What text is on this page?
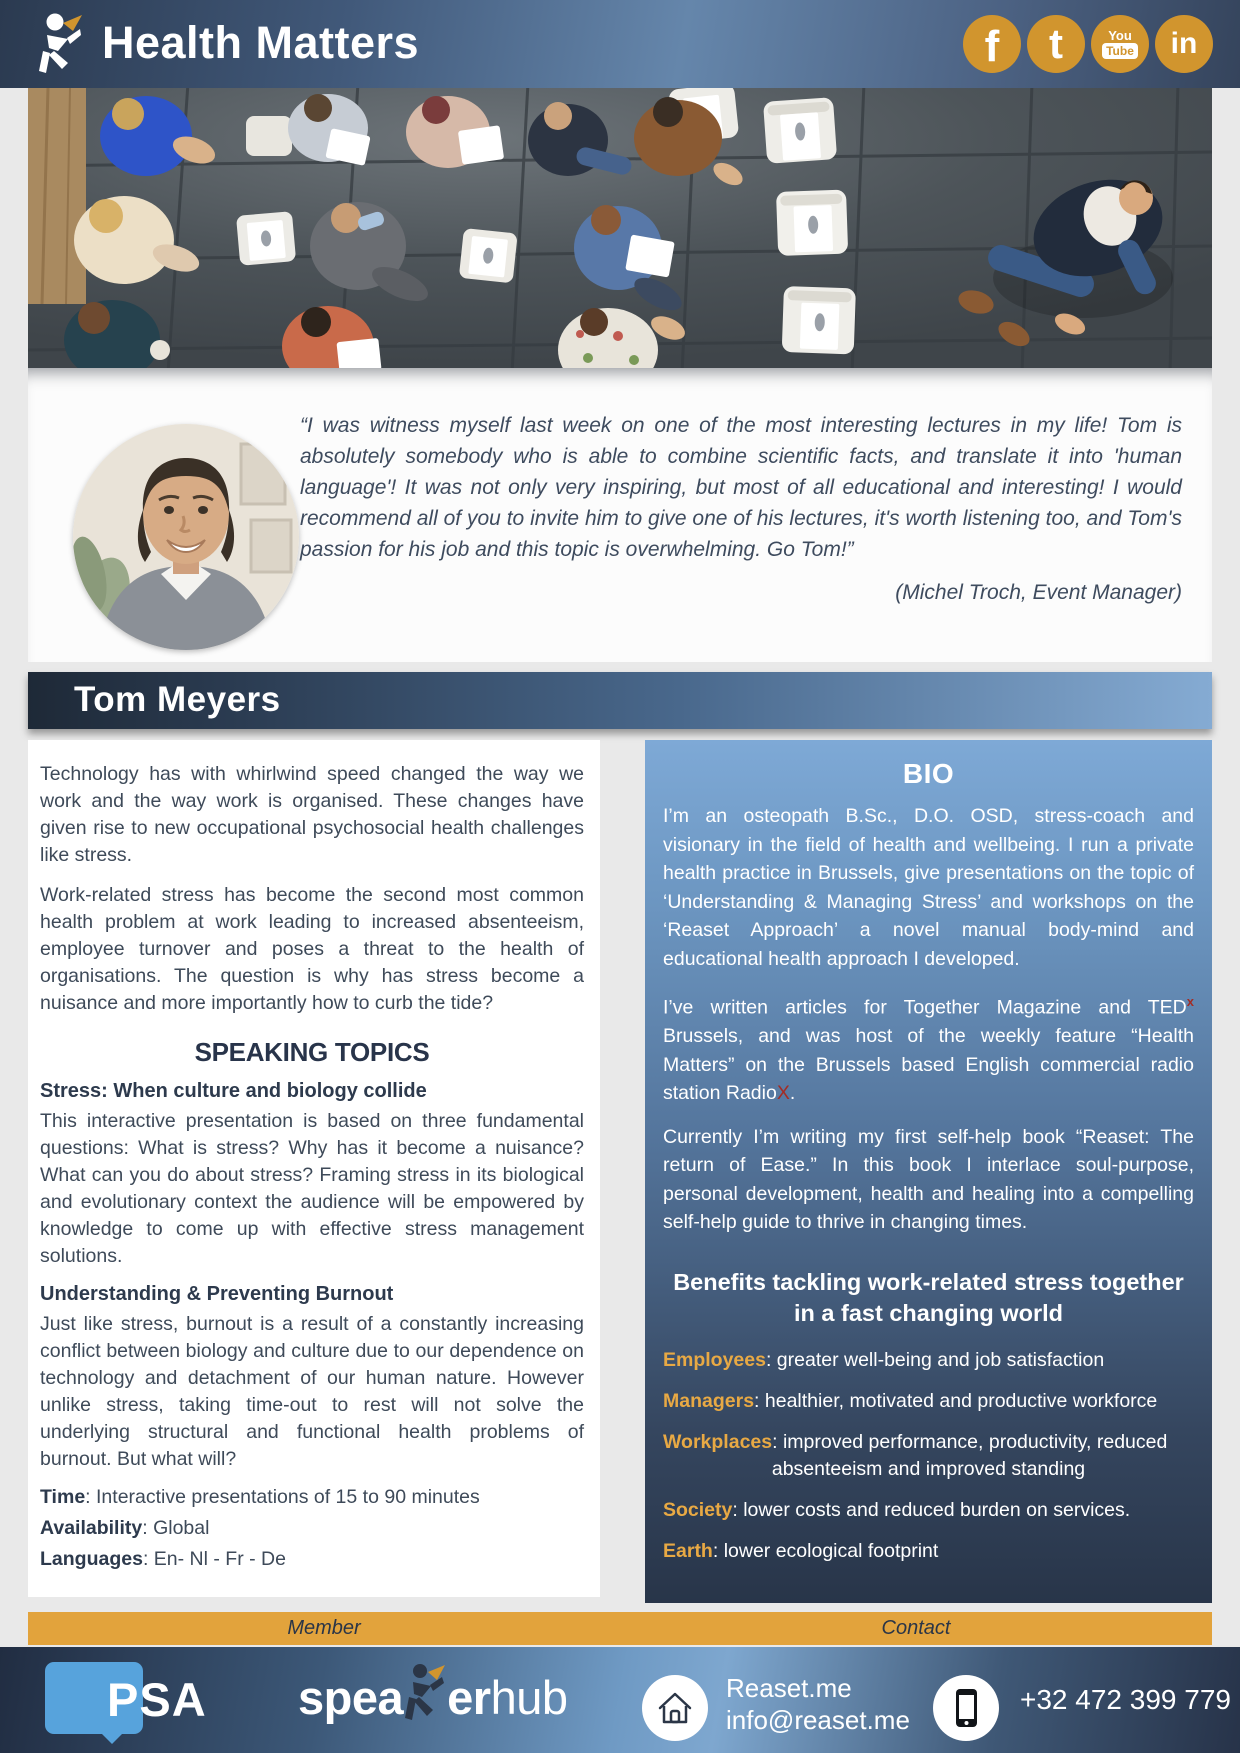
Health Matters	f t	You
Tube in

“I was witness myself last week on one of the most interesting lectures in my life! Tom is absolutely somebody who is able to combine scientific facts, and translate it into 'human language'! It was not only very inspiring, but most of all educational and interesting! I would recommend all of you to invite him to give one of his lectures, it's worth listening too, and Tom's passion for his job and this topic is overwhelming. Go Tom!”

(Michel Troch, Event Manager)

Tom Meyers

Technology has with whirlwind speed changed the way we work and the way work is organised. These changes have given rise to new occupational psychosocial health challenges like stress.

Work-related stress has become the second most common health problem at work leading to increased absenteeism, employee turnover and poses a threat to the health of organisations. The question is why has stress become a nuisance and more importantly how to curb the tide?

SPEAKING TOPICS
Stress: When culture and biology collide

This interactive presentation is based on three fundamental questions: What is stress? Why has it become a nuisance? What can you do about stress? Framing stress in its biological and evolutionary context the audience will be empowered by knowledge to come up with effective stress management solutions.

Understanding & Preventing Burnout

Just like stress, burnout is a result of a constantly increasing conflict between biology and culture due to our dependence on technology and detachment of our human nature. However unlike stress, taking time-out to rest will not solve the underlying structural and functional health problems of burnout. But what will?

Time: Interactive presentations of 15 to 90 minutes
Availability: Global
Languages: En- Nl - Fr - De
BIO

I’m an osteopath B.Sc., D.O. OSD, stress-coach and visionary in the field of health and wellbeing. I run a private health practice in Brussels, give presentations on the topic of ‘Understanding & Managing Stress’ and workshops on the ‘Reaset Approach’ a novel manual body-mind and educational health approach I developed.

I’ve written articles for Together Magazine and TED$^x$ Brussels, and was host of the weekly feature “Health Matters” on the Brussels based English commercial radio station RadioX.

Currently I’m writing my first self-help book “Reaset: The return of Ease.” In this book I interlace soul-purpose, personal development, health and healing into a compelling self-help guide to thrive in changing times.

Benefits tackling work-related stress together
in a fast changing world
Employees: greater well-being and job satisfaction
Managers: healthier, motivated and productive workforce
Workplaces: improved performance, productivity, reduced
absenteeism and improved standing
Society: lower costs and reduced burden on services.
Earth: lower ecological footprint
Member	Contact
PSA spea er hub	Reaset.me
info@reaset.me
+32 472 399 779
